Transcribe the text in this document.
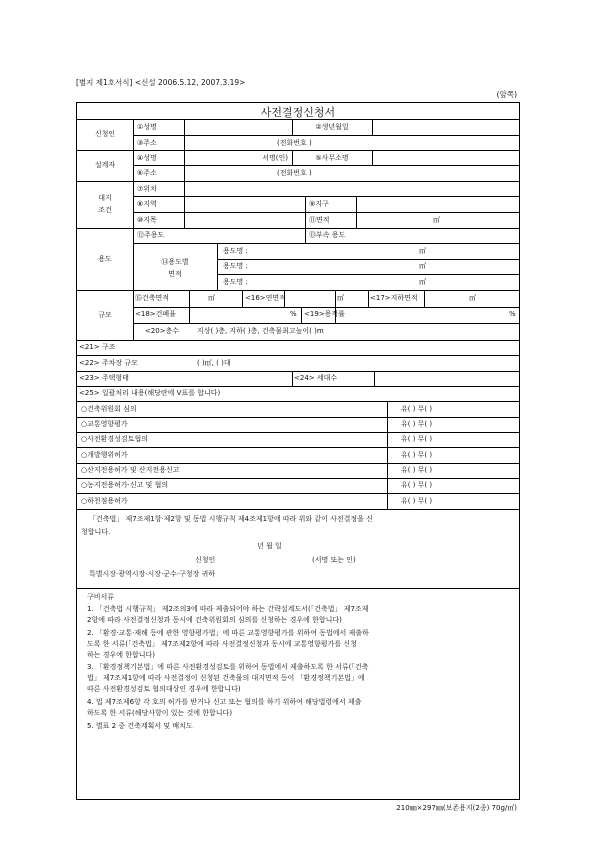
[별지 제1호서식] <신설 2006.5.12, 2007.3.19>
(앞쪽)
사전결정신청서
신청인
①성명	②생년월일
③주소	(전화번호 )
설계자
④성명	서명(인)	⑤사무소명
⑥주소	(전화번호 )
대지
조건
⑦위치
⑧지역	⑨지구
⑩지목	⑪면적	㎡
용도
⑫주용도	⑬부속 용도
⑭용도별
면적
용도명 :	㎡
용도명 :	㎡
용도명 :	㎡
규모
⑮건축면적	㎡	<16>연면적	㎡	<17>지하면적	㎡
<18>건폐율	% <19>용적률	%
<20>층수	지상( )층, 지하( )층, 건축물최고높이( )m
<21> 구조
<22> 주차장 규모	( )㎡, ( )대
<23> 주택형태	<24> 세대수
<25> 일괄처리 내용(해당란에 V표를 합니다)
○건축위원회 심의	유( ) 무( )
○교통영향평가	유( ) 무( )
○사전환경성검토협의	유( ) 무( )
○개발행위허가	유( ) 무( )
○산지전용허가 및 산지전용신고	유( ) 무( )
○농지전용허가·신고 및 협의	유( ) 무( )
○하천점용허가	유( ) 무( )
「건축법」 제7조제1항·제2항 및 동법 시행규칙 제4조제1항에 따라 위와 같이 사전결정을 신
청합니다.
년 월 일
신청인	(서명 또는 인)
특별시장·광역시장·시장·군수·구청장 귀하
구비서류
1. 「건축법 시행규칙」 제2조의3에 따라 제출되어야 하는 간략설계도서(「건축법」 제7조제
2항에 따라 사전결정신청과 동시에 건축위원회의 심의를 신청하는 경우에 한합니다)
2. 「환경·교통·재해 등에 관한 영향평가법」에 따른 교통영향평가를 위하여 동법에서 제출하
도록 한 서류(「건축법」 제7조제2항에 따라 사전결정신청과 동시에 교통영향평가를 신청
하는 경우에 한합니다)
3. 「환경정책기본법」에 따른 사전환경성검토를 위하여 동법에서 제출하도록 한 서류(「건축
법」 제7조제1항에 따라 사전결정이 신청된 건축물의 대지면적 등이 「환경정책기본법」에
따른 사전환경성검토 협의대상인 경우에 한합니다)
4. 법 제7조제6항 각 호의 허가를 받거나 신고 또는 협의를 하기 위하여 해당법령에서 제출
하도록 한 서류(해당사항이 있는 것에 한합니다)
5. 별표 2 중 건축계획서 및 배치도
210㎜×297㎜(보존용지(2종) 70g/㎡)
